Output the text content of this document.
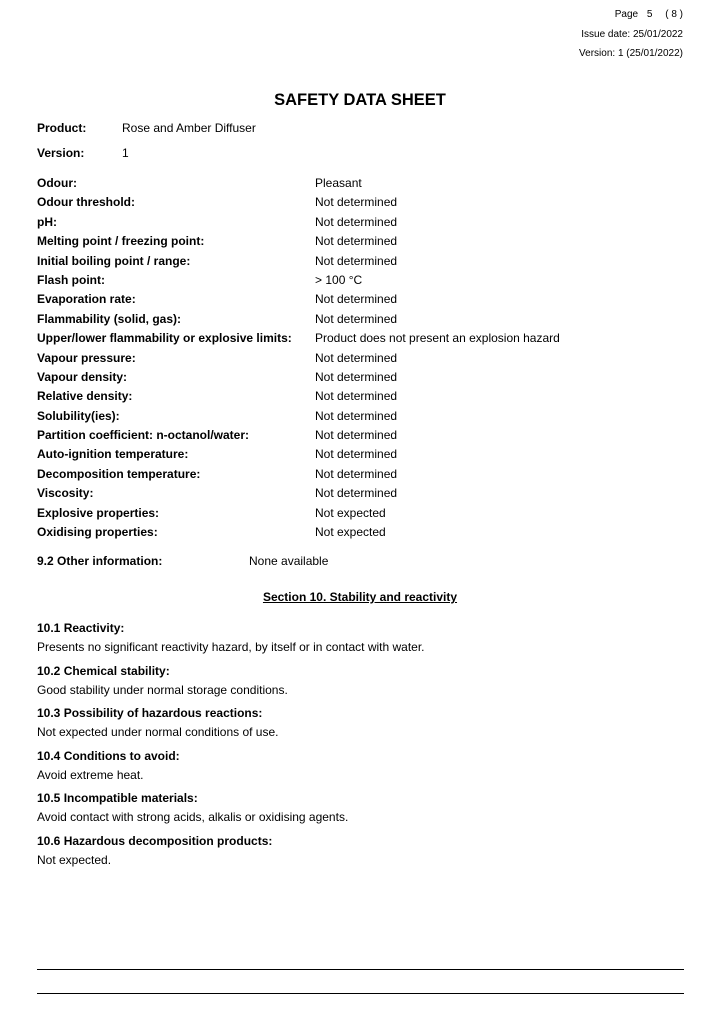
Page 5 ( 8 )
Issue date: 25/01/2022
Version: 1 (25/01/2022)
SAFETY DATA SHEET
Product:	Rose and Amber Diffuser
Version:	1
Odour:	Pleasant
Odour threshold:	Not determined
pH:	Not determined
Melting point / freezing point:	Not determined
Initial boiling point / range:	Not determined
Flash point:	> 100 °C
Evaporation rate:	Not determined
Flammability (solid, gas):	Not determined
Upper/lower flammability or explosive limits: Product does not present an explosion hazard
Vapour pressure:	Not determined
Vapour density:	Not determined
Relative density:	Not determined
Solubility(ies):	Not determined
Partition coefficient: n-octanol/water:	Not determined
Auto-ignition temperature:	Not determined
Decomposition temperature:	Not determined
Viscosity:	Not determined
Explosive properties:	Not expected
Oxidising properties:	Not expected
9.2 Other information:	None available
Section 10. Stability and reactivity
10.1 Reactivity:
Presents no significant reactivity hazard, by itself or in contact with water.
10.2 Chemical stability:
Good stability under normal storage conditions.
10.3 Possibility of hazardous reactions:
Not expected under normal conditions of use.
10.4 Conditions to avoid:
Avoid extreme heat.
10.5 Incompatible materials:
Avoid contact with strong acids, alkalis or oxidising agents.
10.6 Hazardous decomposition products:
Not expected.
